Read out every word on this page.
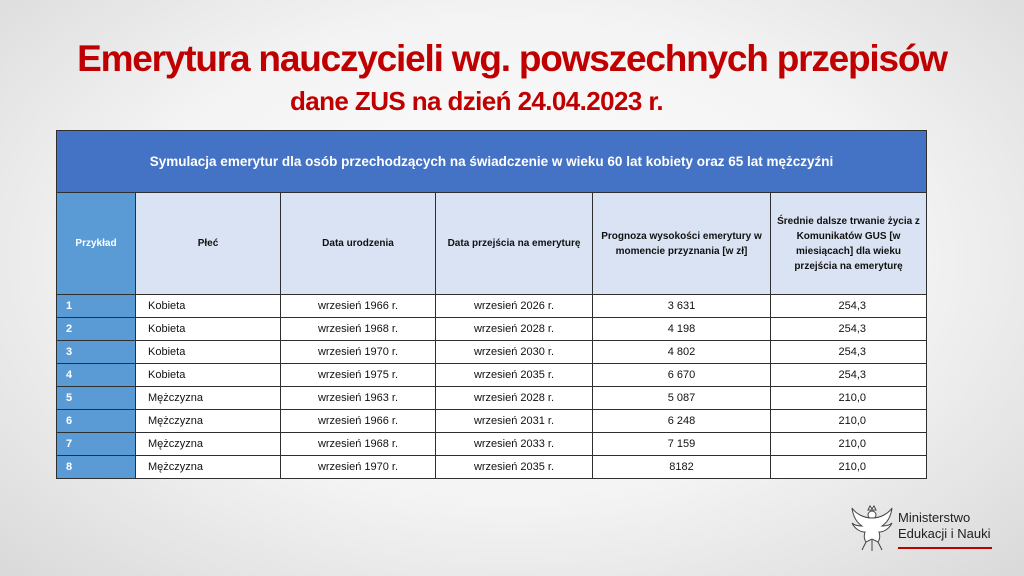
Emerytura nauczycieli wg. powszechnych przepisów
dane ZUS na dzień 24.04.2023 r.
Symulacja emerytur dla osób przechodzących na świadczenie w wieku 60 lat kobiety oraz 65 lat mężczyźni					
Przykład	Płeć	Data urodzenia	Data przejścia na emeryturę	Prognoza wysokości emerytury w momencie przyznania [w zł]	Średnie dalsze trwanie życia z Komunikatów GUS [w miesiącach] dla wieku przejścia na emeryturę
1	Kobieta	wrzesień 1966 r.	wrzesień 2026 r.	3 631	254,3
2	Kobieta	wrzesień 1968 r.	wrzesień 2028 r.	4 198	254,3
3	Kobieta	wrzesień 1970 r.	wrzesień 2030 r.	4 802	254,3
4	Kobieta	wrzesień 1975 r.	wrzesień 2035 r.	6 670	254,3
5	Mężczyzna	wrzesień 1963 r.	wrzesień 2028 r.	5 087	210,0
6	Mężczyzna	wrzesień 1966 r.	wrzesień 2031 r.	6 248	210,0
7	Mężczyzna	wrzesień 1968 r.	wrzesień 2033 r.	7 159	210,0
8	Mężczyzna	wrzesień 1970 r.	wrzesień 2035 r.	8182	210,0
Ministerstwo
Edukacji i Nauki
